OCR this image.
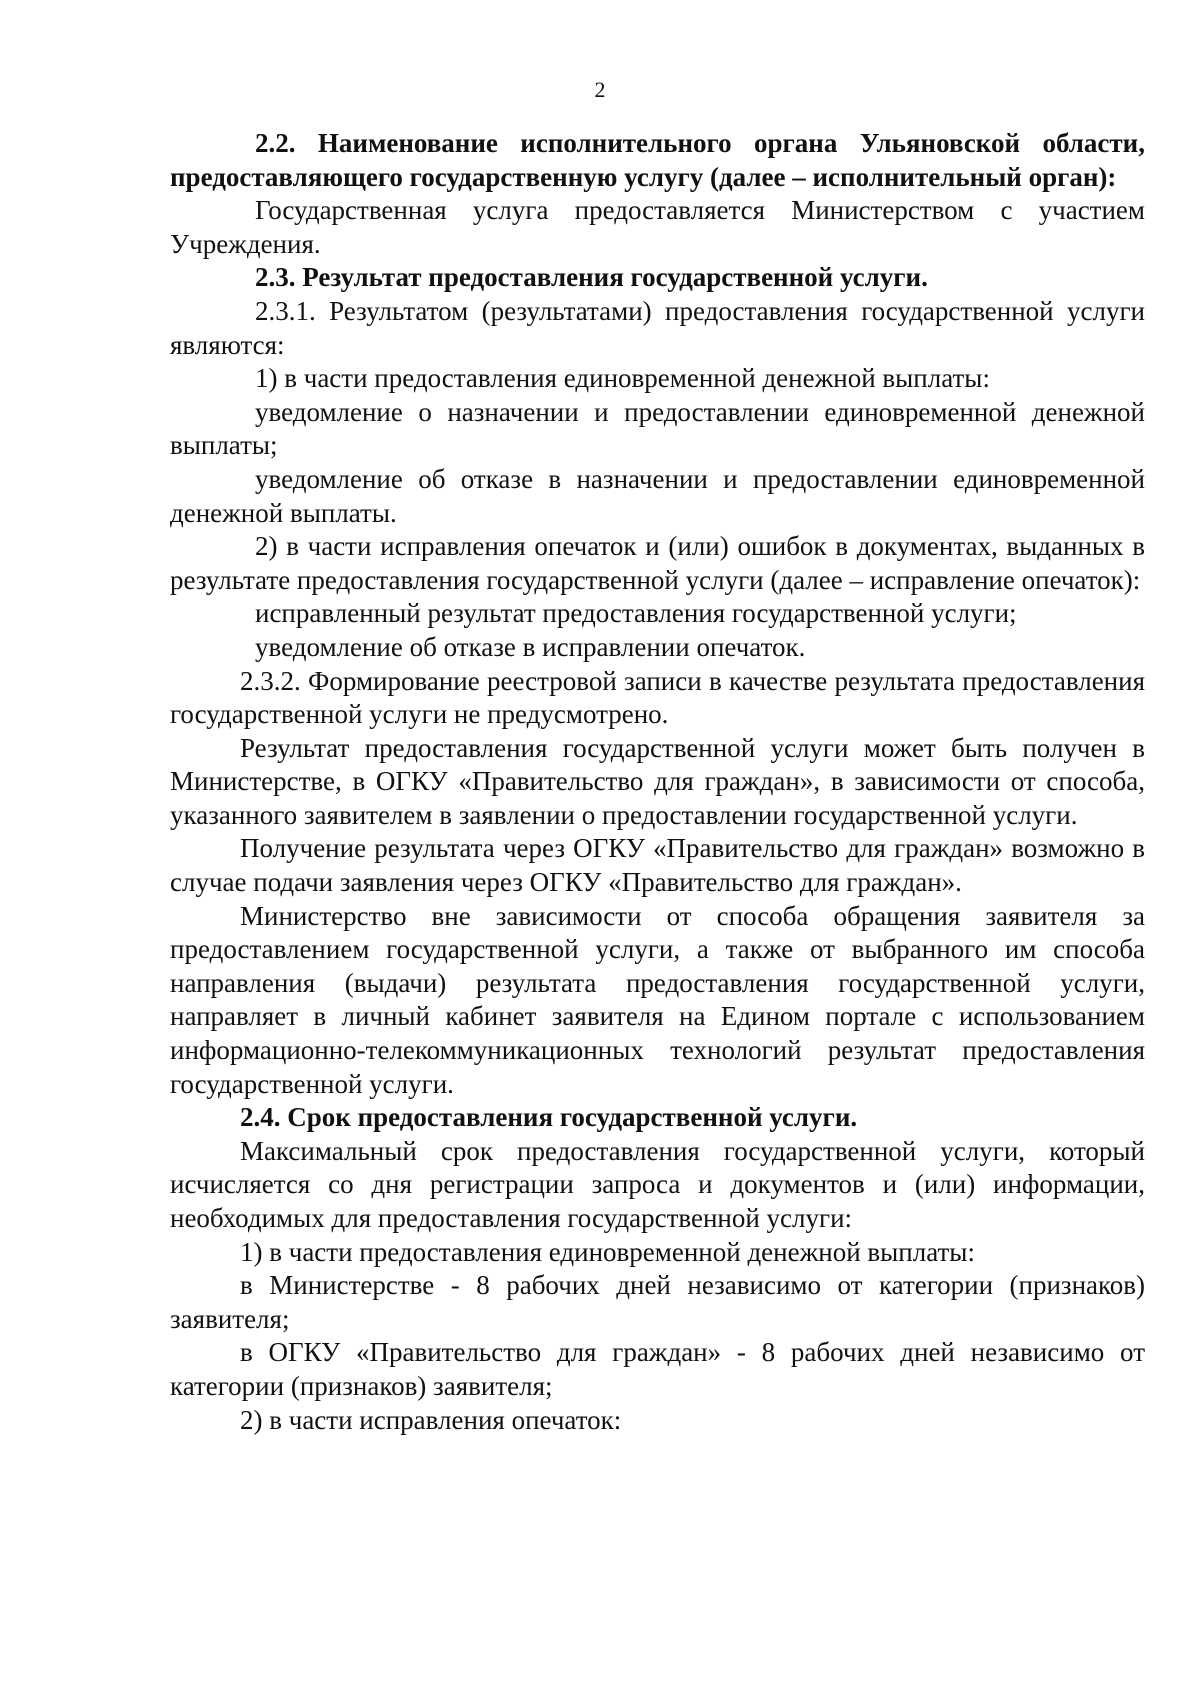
2

2.2. Наименование исполнительного органа Ульяновской области, предоставляющего государственную услугу (далее – исполнительный орган):

Государственная услуга предоставляется Министерством с участием Учреждения.

2.3. Результат предоставления государственной услуги.

2.3.1. Результатом (результатами) предоставления государственной услуги являются:

1) в части предоставления единовременной денежной выплаты:

уведомление о назначении и предоставлении единовременной денежной выплаты;

уведомление об отказе в назначении и предоставлении единовременной денежной выплаты.

2) в части исправления опечаток и (или) ошибок в документах, выданных в результате предоставления государственной услуги (далее – исправление опечаток):

исправленный результат предоставления государственной услуги;

уведомление об отказе в исправлении опечаток.

2.3.2. Формирование реестровой записи в качестве результата предоставления государственной услуги не предусмотрено.

Результат предоставления государственной услуги может быть получен в Министерстве, в ОГКУ «Правительство для граждан», в зависимости от способа, указанного заявителем в заявлении о предоставлении государственной услуги.

Получение результата через ОГКУ «Правительство для граждан» возможно в случае подачи заявления через ОГКУ «Правительство для граждан».

Министерство вне зависимости от способа обращения заявителя за предоставлением государственной услуги, а также от выбранного им способа направления (выдачи) результата предоставления государственной услуги, направляет в личный кабинет заявителя на Едином портале с использованием информационно-телекоммуникационных технологий результат предоставления государственной услуги.

2.4. Срок предоставления государственной услуги.

Максимальный срок предоставления государственной услуги, который исчисляется со дня регистрации запроса и документов и (или) информации, необходимых для предоставления государственной услуги:

1) в части предоставления единовременной денежной выплаты:

в Министерстве - 8 рабочих дней независимо от категории (признаков) заявителя;

в ОГКУ «Правительство для граждан» - 8 рабочих дней независимо от категории (признаков) заявителя;

2) в части исправления опечаток:
